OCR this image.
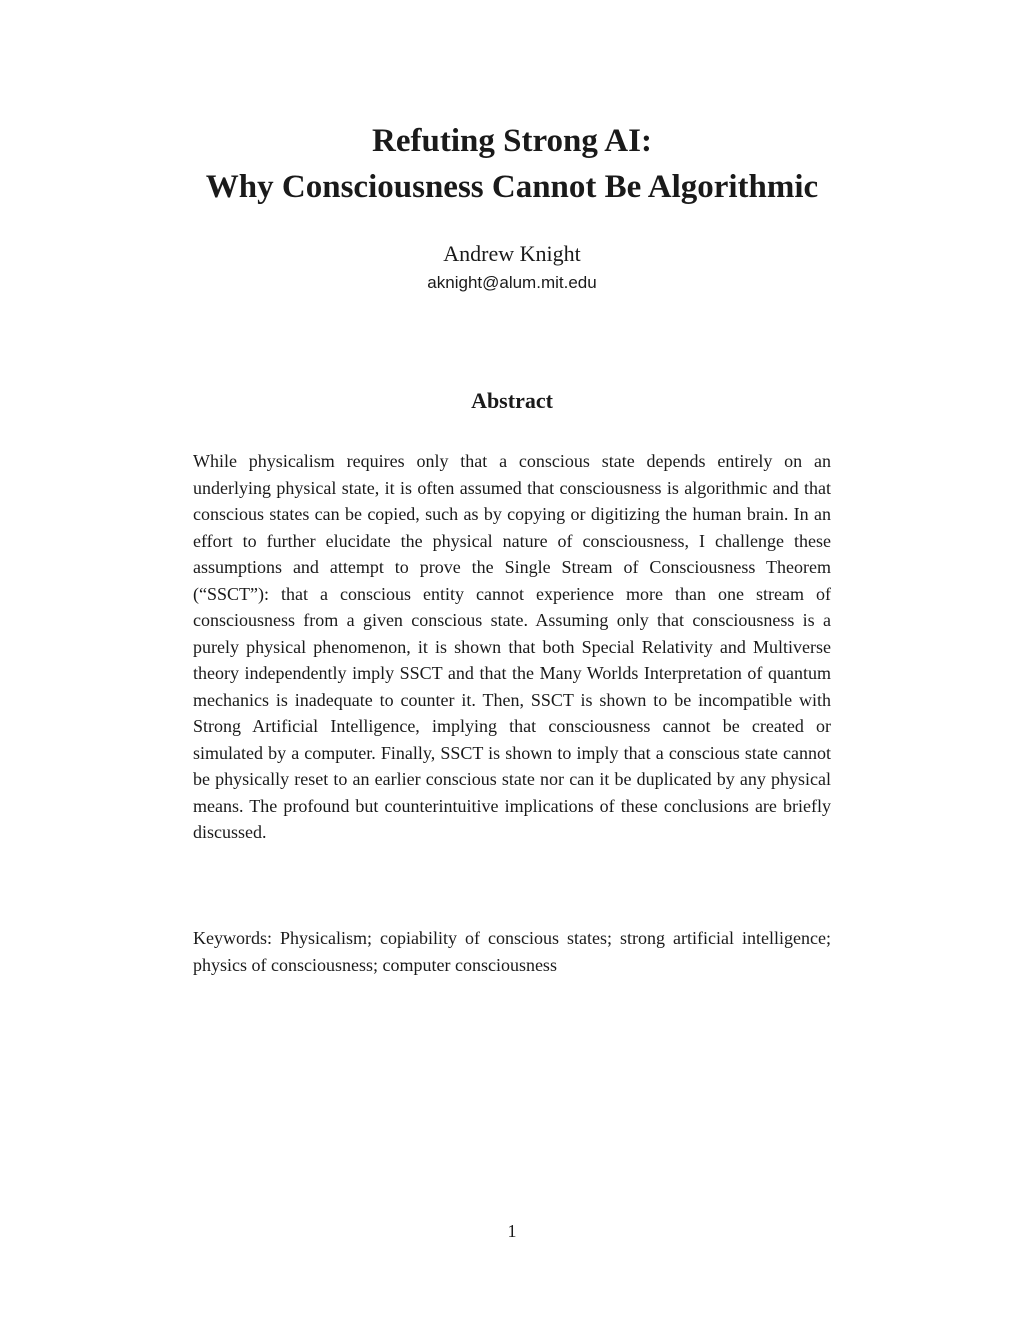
Refuting Strong AI:
Why Consciousness Cannot Be Algorithmic
Andrew Knight
aknight@alum.mit.edu
Abstract

While physicalism requires only that a conscious state depends entirely on an underlying physical state, it is often assumed that consciousness is algorithmic and that conscious states can be copied, such as by copying or digitizing the human brain. In an effort to further elucidate the physical nature of consciousness, I challenge these assumptions and attempt to prove the Single Stream of Consciousness Theorem (“SSCT”): that a conscious entity cannot experience more than one stream of consciousness from a given conscious state. Assuming only that consciousness is a purely physical phenomenon, it is shown that both Special Relativity and Multiverse theory independently imply SSCT and that the Many Worlds Interpretation of quantum mechanics is inadequate to counter it. Then, SSCT is shown to be incompatible with Strong Artificial Intelligence, implying that consciousness cannot be created or simulated by a computer. Finally, SSCT is shown to imply that a conscious state cannot be physically reset to an earlier conscious state nor can it be duplicated by any physical means. The profound but counterintuitive implications of these conclusions are briefly discussed.

Keywords: Physicalism; copiability of conscious states; strong artificial intelligence; physics of consciousness; computer consciousness

1
